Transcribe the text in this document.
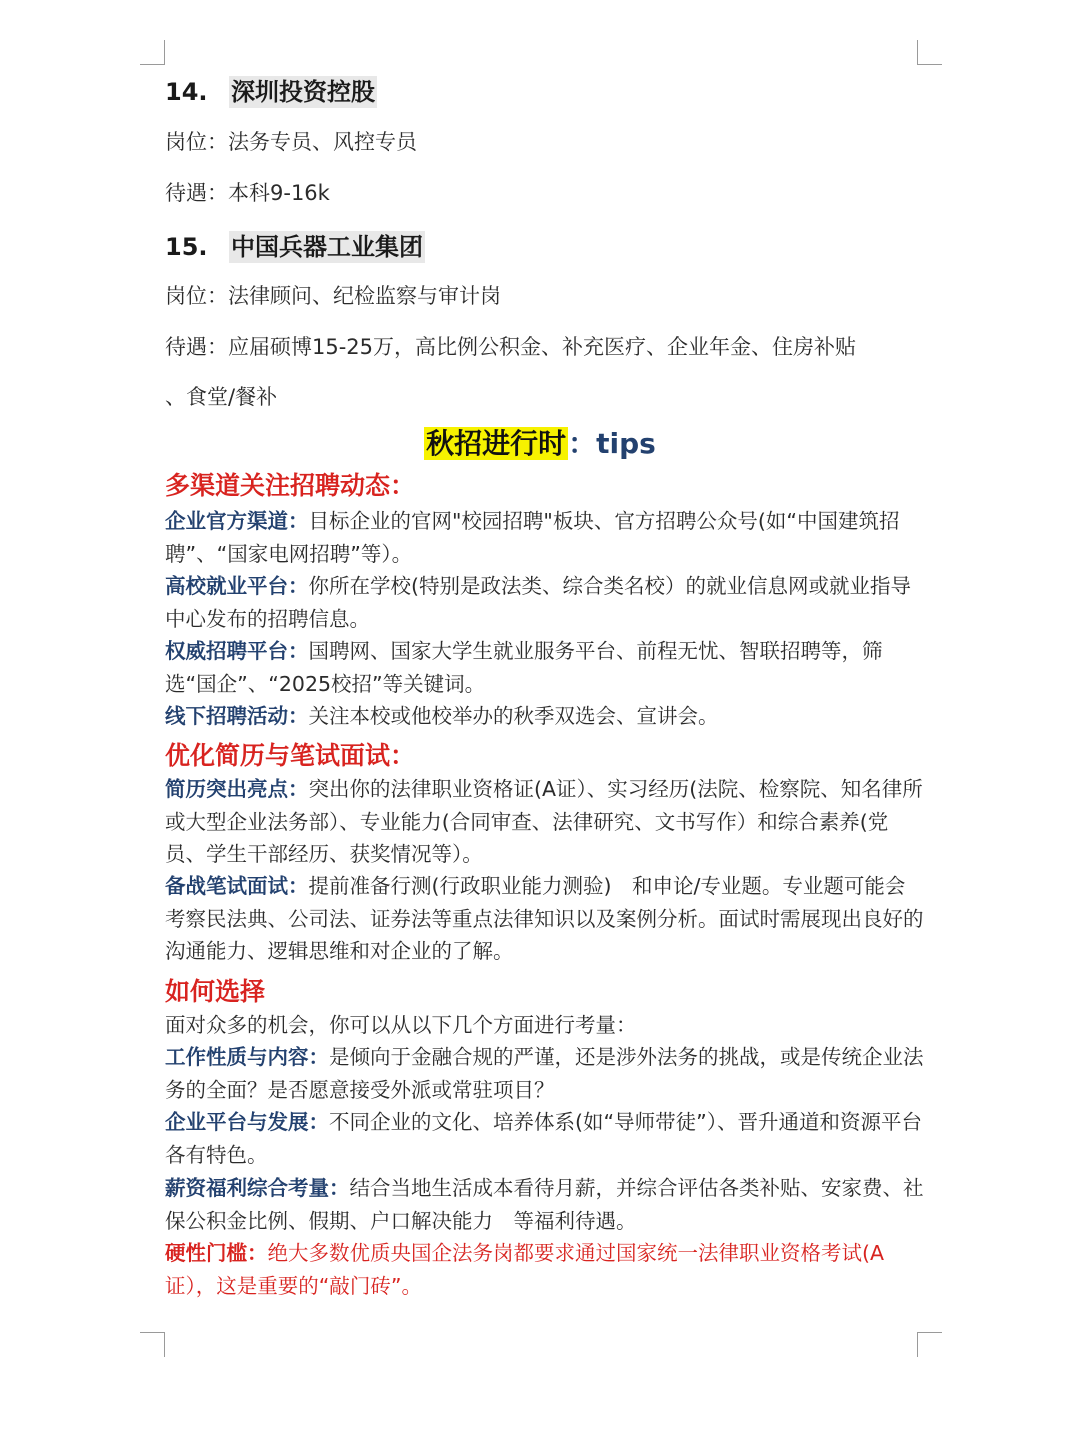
14. 深圳投资控股
岗位：法务专员、风控专员
待遇：本科9-16k
15. 中国兵器工业集团
岗位：法律顾问、纪检监察与审计岗
待遇：应届硕博15-25万，高比例公积金、补充医疗、企业年金、住房补贴
、食堂/餐补
秋招进行时：tips
多渠道关注招聘动态：
企业官方渠道：目标企业的官网"校园招聘"板块、官方招聘公众号(如“中国建筑招聘”、“国家电网招聘”等）。
高校就业平台：你所在学校(特别是政法类、综合类名校）的就业信息网或就业指导中心发布的招聘信息。
权威招聘平台：国聘网、国家大学生就业服务平台、前程无忧、智联招聘等，筛选“国企”、“2025校招”等关键词。
线下招聘活动：关注本校或他校举办的秋季双选会、宣讲会。
优化简历与笔试面试：
简历突出亮点：突出你的法律职业资格证(A证）、实习经历(法院、检察院、知名律所或大型企业法务部）、专业能力(合同审查、法律研究、文书写作）和综合素养(党员、学生干部经历、获奖情况等）。
备战笔试面试：提前准备行测(行政职业能力测验)　和申论/专业题。专业题可能会考察民法典、公司法、证券法等重点法律知识以及案例分析。面试时需展现出良好的沟通能力、逻辑思维和对企业的了解。
如何选择
面对众多的机会，你可以从以下几个方面进行考量：
工作性质与内容：是倾向于金融合规的严谨，还是涉外法务的挑战，或是传统企业法务的全面？是否愿意接受外派或常驻项目？
企业平台与发展：不同企业的文化、培养体系(如“导师带徒”）、晋升通道和资源平台各有特色。
薪资福利综合考量：结合当地生活成本看待月薪，并综合评估各类补贴、安家费、社保公积金比例、假期、户口解决能力　等福利待遇。
硬性门槛：绝大多数优质央国企法务岗都要求通过国家统一法律职业资格考试(A证），这是重要的“敲门砖”。
